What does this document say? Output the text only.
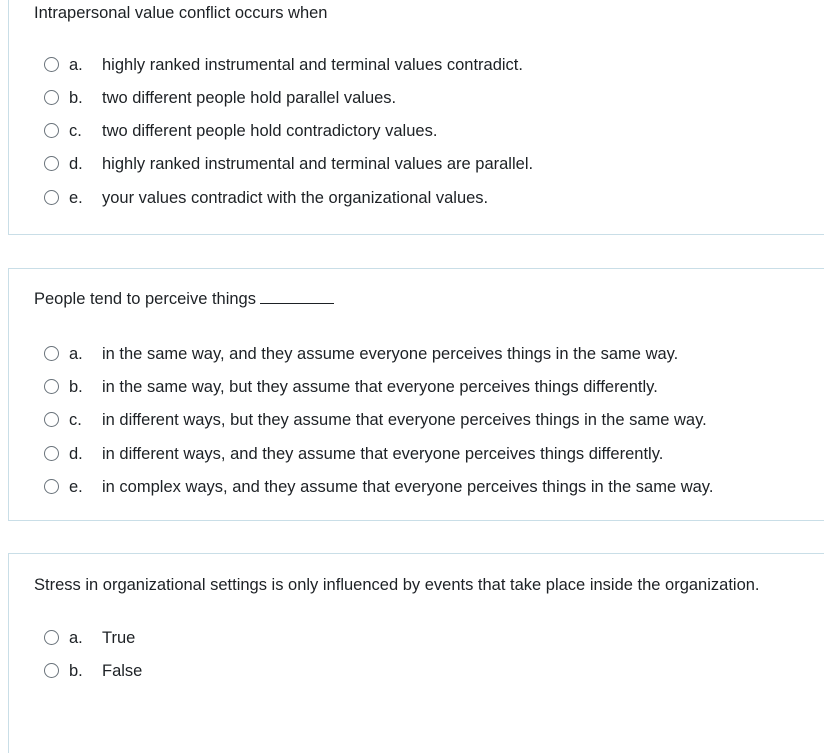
Intrapersonal value conflict occurs when
a. highly ranked instrumental and terminal values contradict.
b. two different people hold parallel values.
c. two different people hold contradictory values.
d. highly ranked instrumental and terminal values are parallel.
e. your values contradict with the organizational values.
People tend to perceive things
a. in the same way, and they assume everyone perceives things in the same way.
b. in the same way, but they assume that everyone perceives things differently.
c. in different ways, but they assume that everyone perceives things in the same way.
d. in different ways, and they assume that everyone perceives things differently.
e. in complex ways, and they assume that everyone perceives things in the same way.
Stress in organizational settings is only influenced by events that take place inside the organization.
a. True
b. False
